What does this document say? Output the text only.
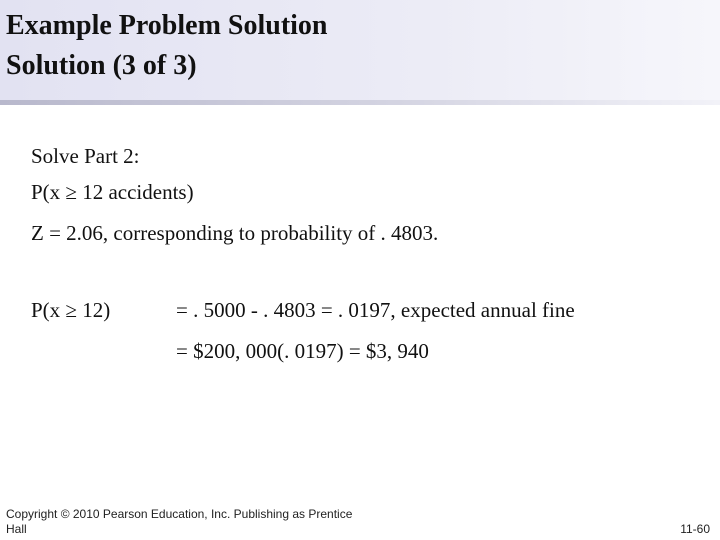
Example Problem Solution
Solution (3 of 3)
Solve Part 2:
P(x ≥ 12 accidents)
Z = 2.06, corresponding to probability of . 4803.
P(x ≥ 12)	= . 5000 - . 4803 = . 0197, expected annual fine
= $200, 000(. 0197) = $3, 940
Copyright © 2010 Pearson Education, Inc. Publishing as Prentice Hall	11-60
